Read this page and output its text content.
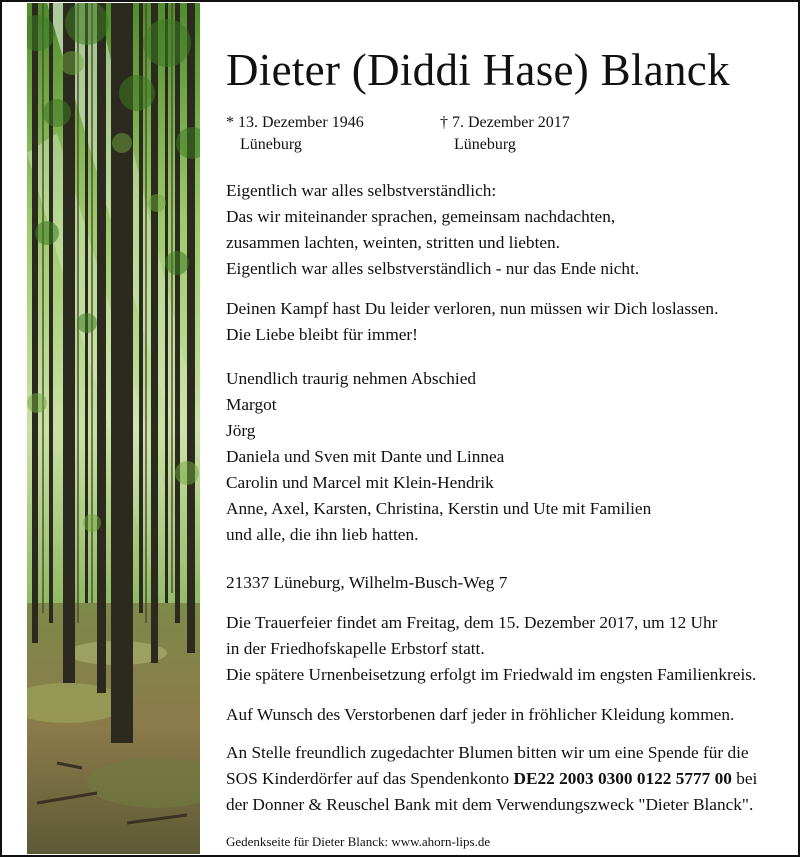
Dieter (Diddi Hase) Blanck
* 13. Dezember 1946
Lüneburg
† 7. Dezember 2017
Lüneburg
Eigentlich war alles selbstverständlich:
Das wir miteinander sprachen, gemeinsam nachdachten,
zusammen lachten, weinten, stritten und liebten.
Eigentlich war alles selbstverständlich - nur das Ende nicht.
Deinen Kampf hast Du leider verloren, nun müssen wir Dich loslassen.
Die Liebe bleibt für immer!
Unendlich traurig nehmen Abschied
Margot
Jörg
Daniela und Sven mit Dante und Linnea
Carolin und Marcel mit Klein-Hendrik
Anne, Axel, Karsten, Christina, Kerstin und Ute mit Familien
und alle, die ihn lieb hatten.
21337 Lüneburg, Wilhelm-Busch-Weg 7
Die Trauerfeier findet am Freitag, dem 15. Dezember 2017, um 12 Uhr
in der Friedhofskapelle Erbstorf statt.
Die spätere Urnenbeisetzung erfolgt im Friedwald im engsten Familienkreis.
Auf Wunsch des Verstorbenen darf jeder in fröhlicher Kleidung kommen.
An Stelle freundlich zugedachter Blumen bitten wir um eine Spende für die
SOS Kinderdörfer auf das Spendenkonto DE22 2003 0300 0122 5777 00 bei
der Donner & Reuschel Bank mit dem Verwendungszweck "Dieter Blanck".
Gedenkseite für Dieter Blanck: www.ahorn-lips.de
